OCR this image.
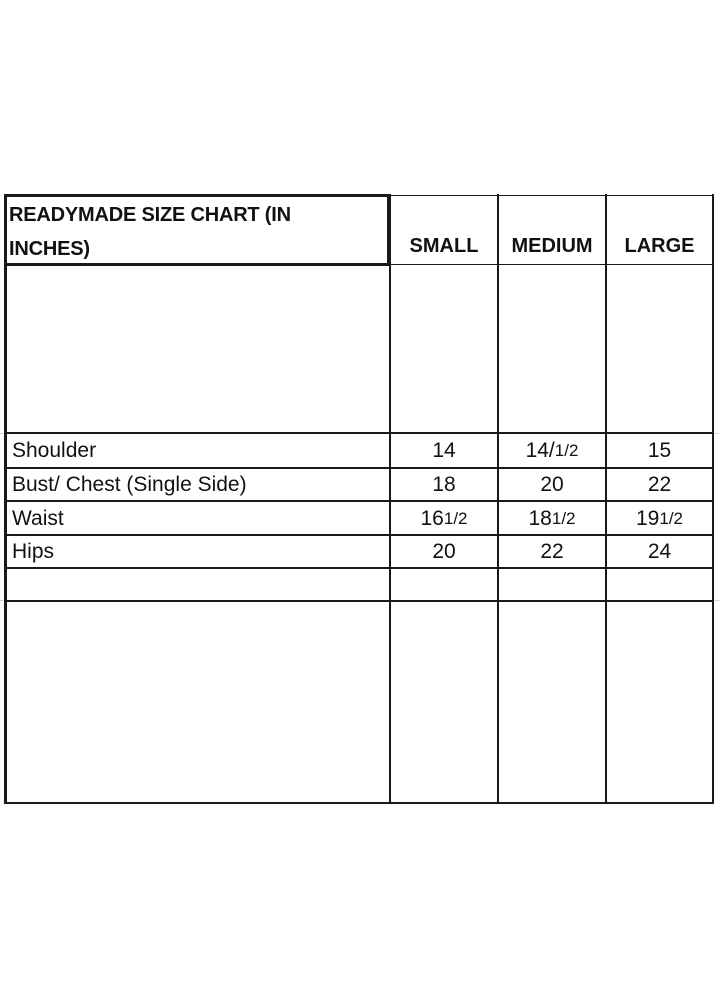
READYMADE SIZE CHART (IN
INCHES)	SMALL	MEDIUM	LARGE
Shoulder	14	14/ 1/2	15
Bust/ Chest (Single Side)	18	20	22
Waist	16 1/2	18 1/2	19 1/2
Hips	20	22	24
